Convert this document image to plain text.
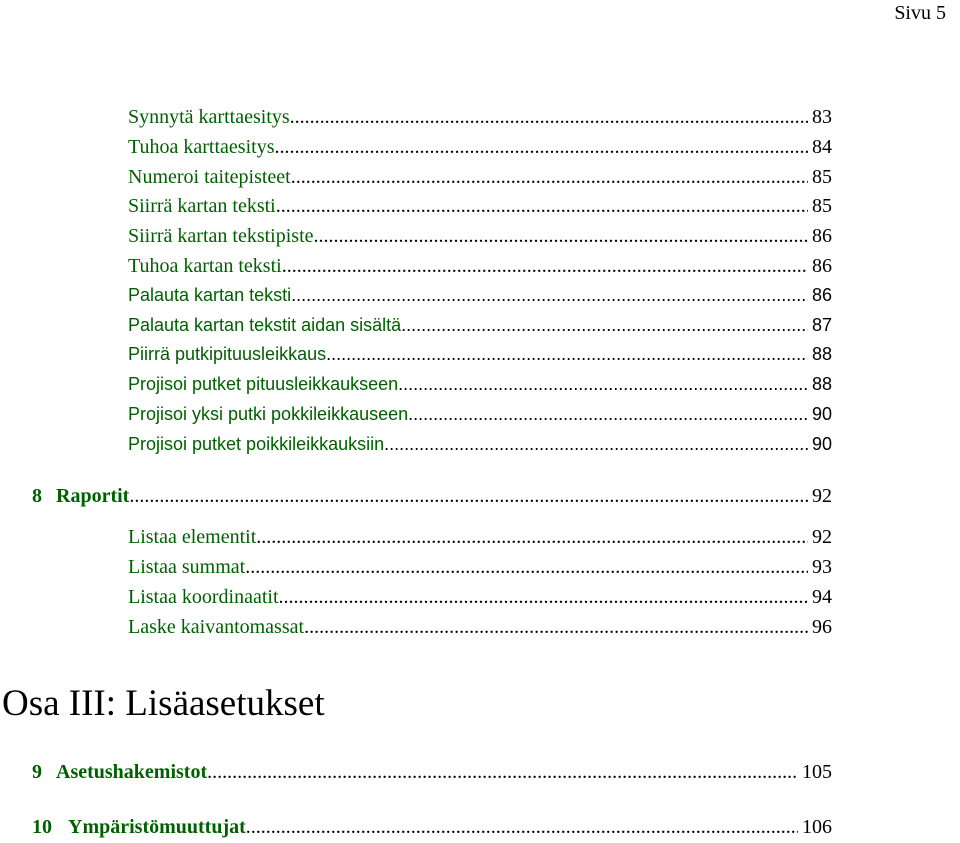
Sivu 5
Synnytä karttaesitys .....	83
Tuhoa karttaesitys .....	84
Numeroi taitepisteet .....	85
Siirrä kartan teksti .....	85
Siirrä kartan tekstipiste .....	86
Tuhoa kartan teksti .....	86
Palauta kartan teksti .....	86
Palauta kartan tekstit aidan sisältä .....	87
Piirrä putkipituusleikkaus .....	88
Projisoi putket pituusleikkaukseen .....	88
Projisoi yksi putki pokkileikkauseen .....	90
Projisoi putket poikkileikkauksiin .....	90
8 Raportit .....	92
Listaa elementit .....	92
Listaa summat .....	93
Listaa koordinaatit .....	94
Laske kaivantomassat .....	96
Osa III: Lisäasetukset
9 Asetushakemistot .....	105
10 Ympäristömuuttujat .....	106
